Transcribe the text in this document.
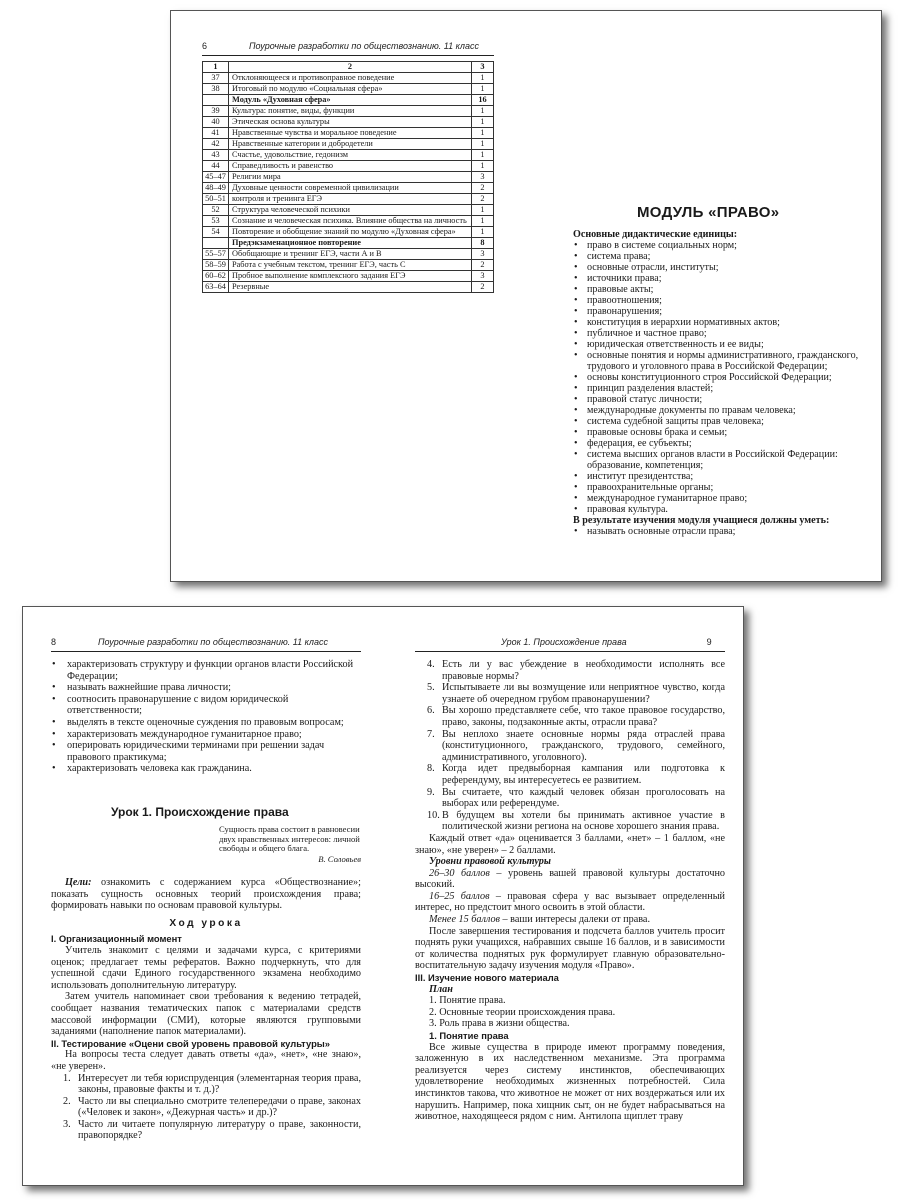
6	Поурочные разработки по обществознанию. 11 класс
1	2	3
37	Отклоняющееся и противоправное поведение	1
38	Итоговый по модулю «Социальная сфера»	1
	Модуль «Духовная сфера»	16
39	Культура: понятие, виды, функции	1
40	Этическая основа культуры	1
41	Нравственные чувства и моральное поведение	1
42	Нравственные категории и добродетели	1
43	Счастье, удовольствие, гедонизм	1
44	Справедливость и равенство	1
45–47	Религии мира	3
48–49	Духовные ценности современной цивилизации	2
50–51	контроля и тренинга ЕГЭ	2
52	Структура человеческой психики	1
53	Сознание и человеческая психика. Влияние общества на личность	1
54	Повторение и обобщение знаний по модулю «Духовная сфера»	1
	Предэкзаменационное повторение	8
55–57	Обобщающие и тренинг ЕГЭ, части А и В	3
58–59	Работа с учебным текстом, тренинг ЕГЭ, часть С	2
60–62	Пробное выполнение комплексного задания ЕГЭ	3
63–64	Резервные	2
МОДУЛЬ «ПРАВО»
Основные дидактические единицы:
• право в системе социальных норм;
• система права;
• основные отрасли, институты;
• источники права;
• правовые акты;
• правоотношения;
• правонарушения;
• конституция в иерархии нормативных актов;
• публичное и частное право;
• юридическая ответственность и ее виды;
• основные понятия и нормы административного, гражданского, трудового и уголовного права в Российской Федерации;
• основы конституционного строя Российской Федерации;
• принцип разделения властей;
• правовой статус личности;
• международные документы по правам человека;
• система судебной защиты прав человека;
• правовые основы брака и семьи;
• федерация, ее субъекты;
• система высших органов власти в Российской Федерации: образование, компетенция;
• институт президентства;
• правоохранительные органы;
• международное гуманитарное право;
• правовая культура.
В результате изучения модуля учащиеся должны уметь:
• называть основные отрасли права;
8	Поурочные разработки по обществознанию. 11 класс	Урок 1. Происхождение права	9
• характеризовать структуру и функции органов власти Российской Федерации;
• называть важнейшие права личности;
• соотносить правонарушение с видом юридической ответственности;
• выделять в тексте оценочные суждения по правовым вопросам;
• характеризовать международное гуманитарное право;
• оперировать юридическими терминами при решении задач правового практикума;
• характеризовать человека как гражданина.
Урок 1. Происхождение права
Сущность права состоит в равновесии двух нравственных интересов: личной свободы и общего блага.
В. Соловьев

Цели: ознакомить с содержанием курса «Обществознание»; показать сущность основных теорий происхождения права; формировать навыки по основам правовой культуры.

Ход урока
I. Организационный момент

Учитель знакомит с целями и задачами курса, с критериями оценок; предлагает темы рефератов. Важно подчеркнуть, что для успешной сдачи Единого государственного экзамена необходимо использовать дополнительную литературу.

Затем учитель напоминает свои требования к ведению тетрадей, сообщает названия тематических папок с материалами средств массовой информации (СМИ), которые являются групповыми заданиями (наполнение папок материалами).

II. Тестирование «Оцени свой уровень правовой культуры»

На вопросы теста следует давать ответы «да», «нет», «не знаю», «не уверен».

1. Интересует ли тебя юриспруденция (элементарная теория права, законы, правовые факты и т. д.)?
2. Часто ли вы специально смотрите телепередачи о праве, законах («Человек и закон», «Дежурная часть» и др.)?
3. Часто ли читаете популярную литературу о праве, законности, правопорядке?
4. Есть ли у вас убеждение в необходимости исполнять все правовые нормы?
5. Испытываете ли вы возмущение или неприятное чувство, когда узнаете об очередном грубом правонарушении?
6. Вы хорошо представляете себе, что такое правовое государство, право, законы, подзаконные акты, отрасли права?
7. Вы неплохо знаете основные нормы ряда отраслей права (конституционного, гражданского, трудового, семейного, административного, уголовного).
8. Когда идет предвыборная кампания или подготовка к референдуму, вы интересуетесь ее развитием.
9. Вы считаете, что каждый человек обязан проголосовать на выборах или референдуме.
10. В будущем вы хотели бы принимать активное участие в политической жизни региона на основе хорошего знания права.

Каждый ответ «да» оценивается 3 баллами, «нет» – 1 баллом, «не знаю», «не уверен» – 2 баллами.

Уровни правовой культуры

26–30 баллов – уровень вашей правовой культуры достаточно высокий.

16–25 баллов – правовая сфера у вас вызывает определенный интерес, но предстоит много освоить в этой области.

Менее 15 баллов – ваши интересы далеки от права.

После завершения тестирования и подсчета баллов учитель просит поднять руки учащихся, набравших свыше 16 баллов, и в зависимости от количества поднятых рук формулирует главную образовательно-воспитательную задачу изучения модуля «Право».

III. Изучение нового материала
План
1. Понятие права.
2. Основные теории происхождения права.
3. Роль права в жизни общества.
1. Понятие права

Все живые существа в природе имеют программу поведения, заложенную в их наследственном механизме. Эта программа реализуется через систему инстинктов, обеспечивающих удовлетворение необходимых жизненных потребностей. Сила инстинктов такова, что животное не может от них воздержаться или их нарушить. Например, пока хищник сыт, он не будет набрасываться на животное, находящееся рядом с ним. Антилопа щиплет траву
